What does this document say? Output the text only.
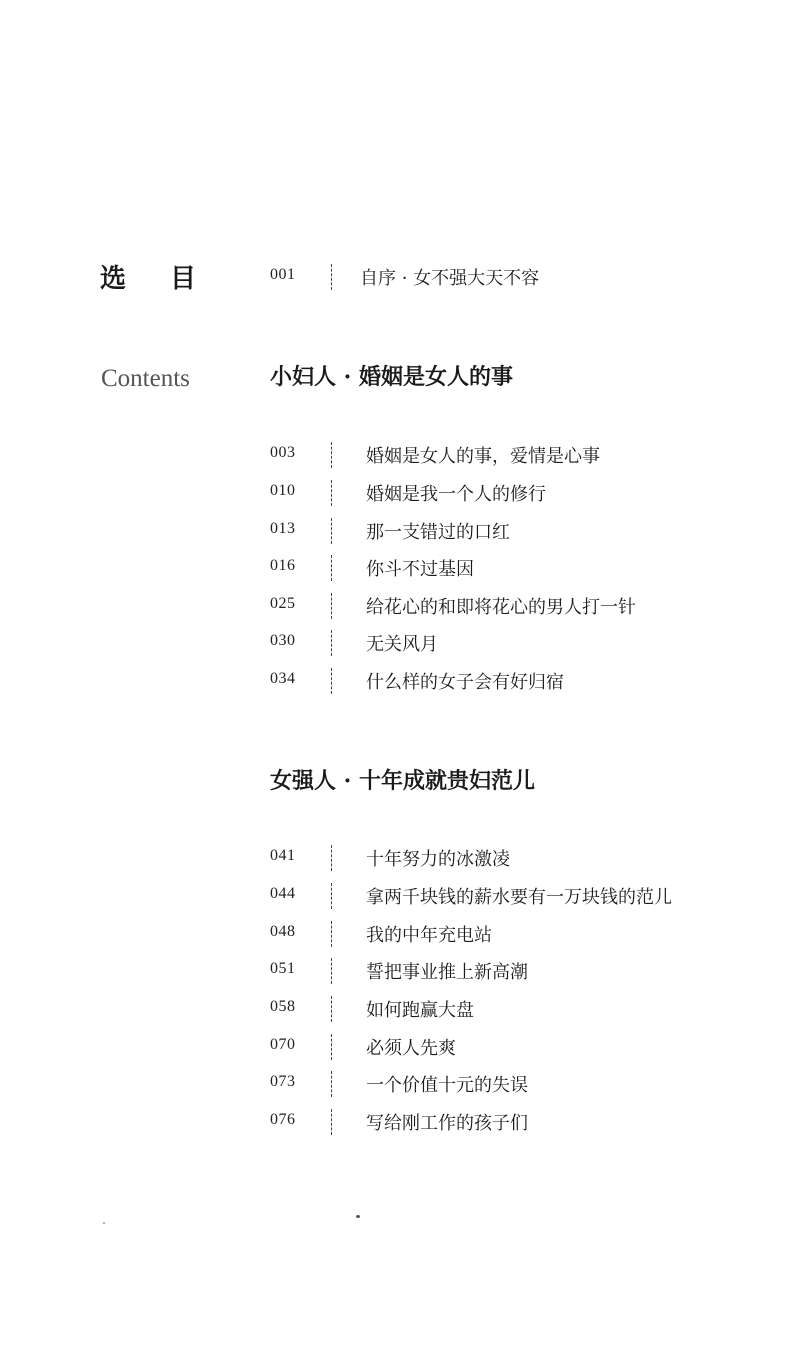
选目
Contents
001	自序 · 女不强大天不容
小妇人 · 婚姻是女人的事
003	婚姻是女人的事，爱情是心事
010	婚姻是我一个人的修行
013	那一支错过的口红
016	你斗不过基因
025	给花心的和即将花心的男人打一针
030	无关风月
034	什么样的女子会有好归宿
女强人 · 十年成就贵妇范儿
041	十年努力的冰激凌
044	拿两千块钱的薪水要有一万块钱的范儿
048	我的中年充电站
051	誓把事业推上新高潮
058	如何跑赢大盘
070	必须人先爽
073	一个价值十元的失误
076	写给刚工作的孩子们
